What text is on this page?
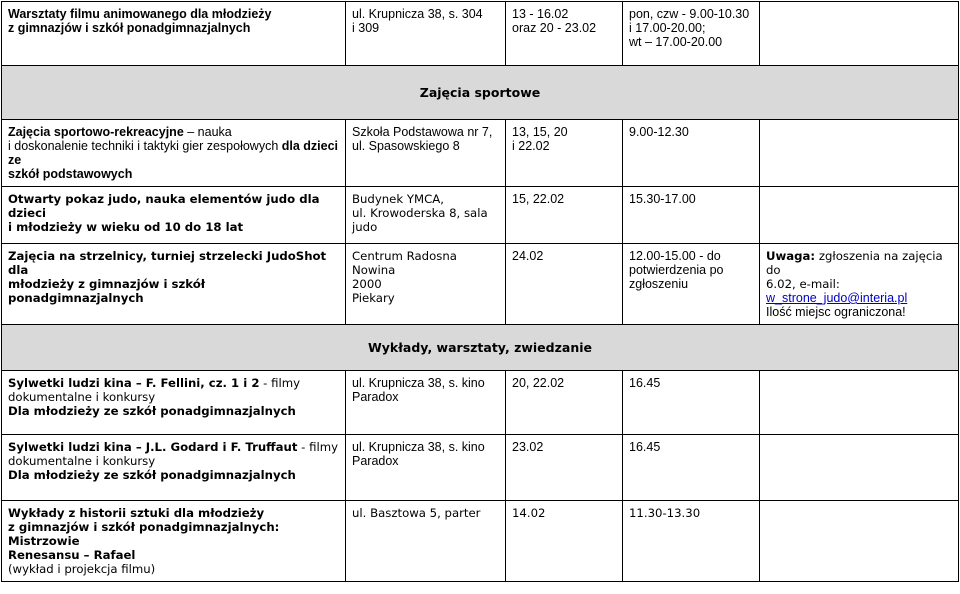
Warsztaty filmu animowanego dla młodzieży
z gimnazjów i szkół ponadgimnazjalnych	ul. Krupnicza 38, s. 304
i 309	13 - 16.02
oraz 20 - 23.02	pon, czw - 9.00-10.30
i 17.00-20.00;
wt – 17.00-20.00	
Zajęcia sportowe				
Zajęcia sportowo-rekreacyjne – nauka
i doskonalenie techniki i taktyki gier zespołowych dla dzieci ze
szkół podstawowych	Szkoła Podstawowa nr 7,
ul. Spasowskiego 8	13, 15, 20
i 22.02	9.00-12.30	
Otwarty pokaz judo, nauka elementów judo dla dzieci
i młodzieży w wieku od 10 do 18 lat	Budynek YMCA,
ul. Krowoderska 8, sala judo	15, 22.02	15.30-17.00	
Zajęcia na strzelnicy, turniej strzelecki JudoShot dla
młodzieży z gimnazjów i szkół ponadgimnazjalnych	Centrum Radosna Nowina
2000
Piekary	24.02	12.00-15.00 - do
potwierdzenia po
zgłoszeniu	Uwaga: zgłoszenia na zajęcia do
6.02, e-mail:
w_strone_judo@interia.pl
Ilość miejsc ograniczona!
Wykłady, warsztaty, zwiedzanie				
Sylwetki ludzi kina – F. Fellini, cz. 1 i 2 - filmy
dokumentalne i konkursy
Dla młodzieży ze szkół ponadgimnazjalnych	ul. Krupnicza 38, s. kino
Paradox	20, 22.02	16.45	
Sylwetki ludzi kina – J.L. Godard i F. Truffaut - filmy
dokumentalne i konkursy
Dla młodzieży ze szkół ponadgimnazjalnych	ul. Krupnicza 38, s. kino
Paradox	23.02	16.45	
Wykłady z historii sztuki dla młodzieży
z gimnazjów i szkół ponadgimnazjalnych: Mistrzowie
Renesansu – Rafael
(wykład i projekcja filmu)	ul. Basztowa 5, parter	14.02	11.30-13.30	
